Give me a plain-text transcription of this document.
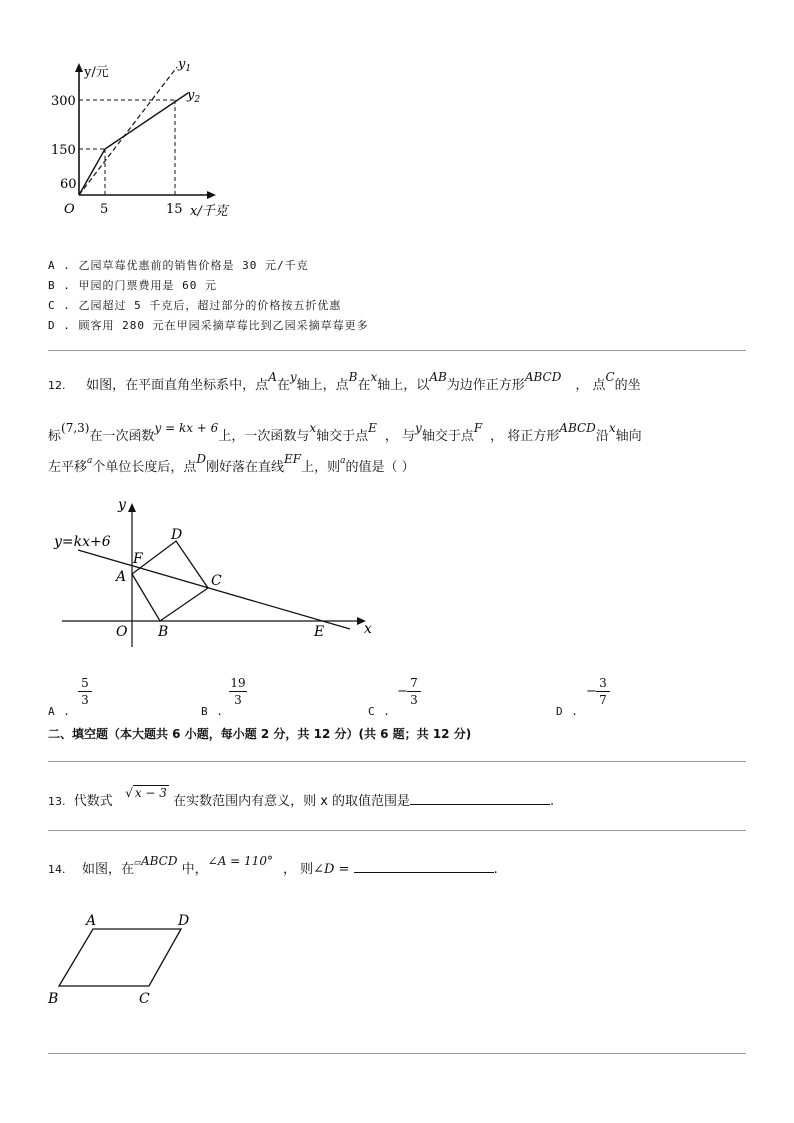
y/元
x/千克
O
300
150
60
5	15
$y_1$
$y_2$
A . 乙园草莓优惠前的销售价格是 30 元/千克
B . 甲园的门票费用是 60 元
C . 乙园超过 5 千克后，超过部分的价格按五折优惠
D . 顾客用 280 元在甲园采摘草莓比到乙园采摘草莓更多
12. 如图，在平面直角坐标系中，点A在y轴上，点B在x轴上，以AB为边作正方形ABCD， 点C的坐
标(7,3)在一次函数y = kx + 6上，一次函数与x轴交于点E， 与y轴交于点F， 将正方形ABCD沿x轴向
左平移$^a$个单位长度后，点D刚好落在直线EF上，则$^a$的值是（ ）
y=kx+6
y
x
O
A
F
D
C
B	E
A .
5
3
B .
19
3
C .
−
7
3
D .
−
3
7
二、填空题（本大题共 6 小题，每小题 2 分，共 12 分）(共 6 题；共 12 分)
13. 代数式   √ x − 3 在实数范围内有意义，则 x 的取值范围是	.
14. 如图，在▱ABCD 中，∠A = 110°， 则∠D =	.
A	D
B	C
